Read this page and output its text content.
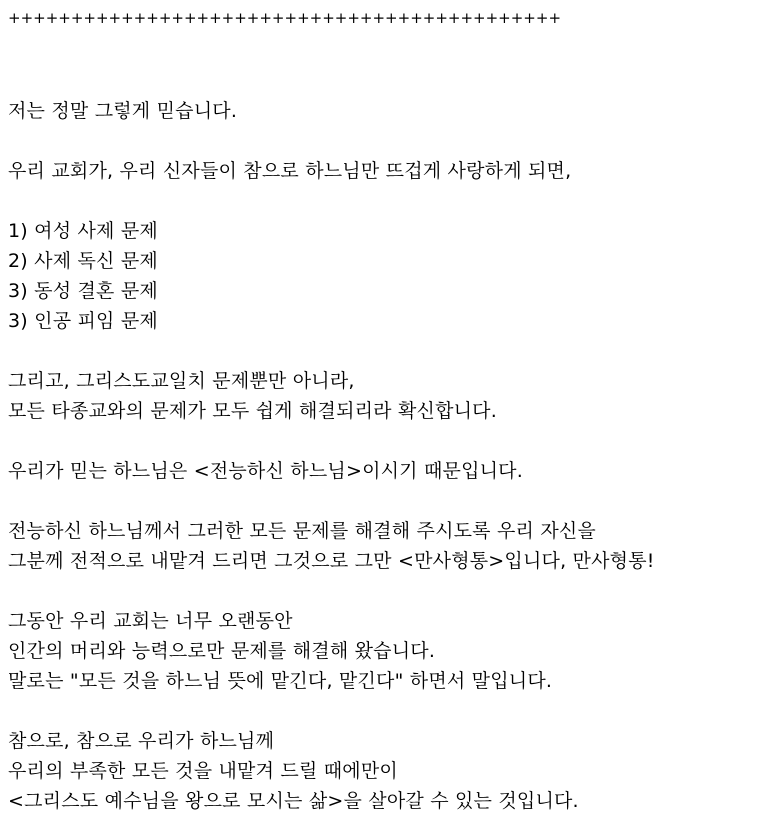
++++++++++++++++++++++++++++++++++++++++++++
저는 정말 그렇게 믿습니다.
우리 교회가, 우리 신자들이 참으로 하느님만 뜨겁게 사랑하게 되면,
1) 여성 사제 문제
2) 사제 독신 문제
3) 동성 결혼 문제
3) 인공 피임 문제
그리고, 그리스도교일치 문제뿐만 아니라,
모든 타종교와의 문제가 모두 쉽게 해결되리라 확신합니다.
우리가 믿는 하느님은 <전능하신 하느님>이시기 때문입니다.
전능하신 하느님께서 그러한 모든 문제를 해결해 주시도록 우리 자신을
그분께 전적으로 내맡겨 드리면 그것으로 그만 <만사형통>입니다, 만사형통!
그동안 우리 교회는 너무 오랜동안
인간의 머리와 능력으로만 문제를 해결해 왔습니다.
말로는 "모든 것을 하느님 뜻에 맡긴다, 맡긴다" 하면서 말입니다.
참으로, 참으로 우리가 하느님께
우리의 부족한 모든 것을 내맡겨 드릴 때에만이
<그리스도 예수님을 왕으로 모시는 삶>을 살아갈 수 있는 것입니다.
